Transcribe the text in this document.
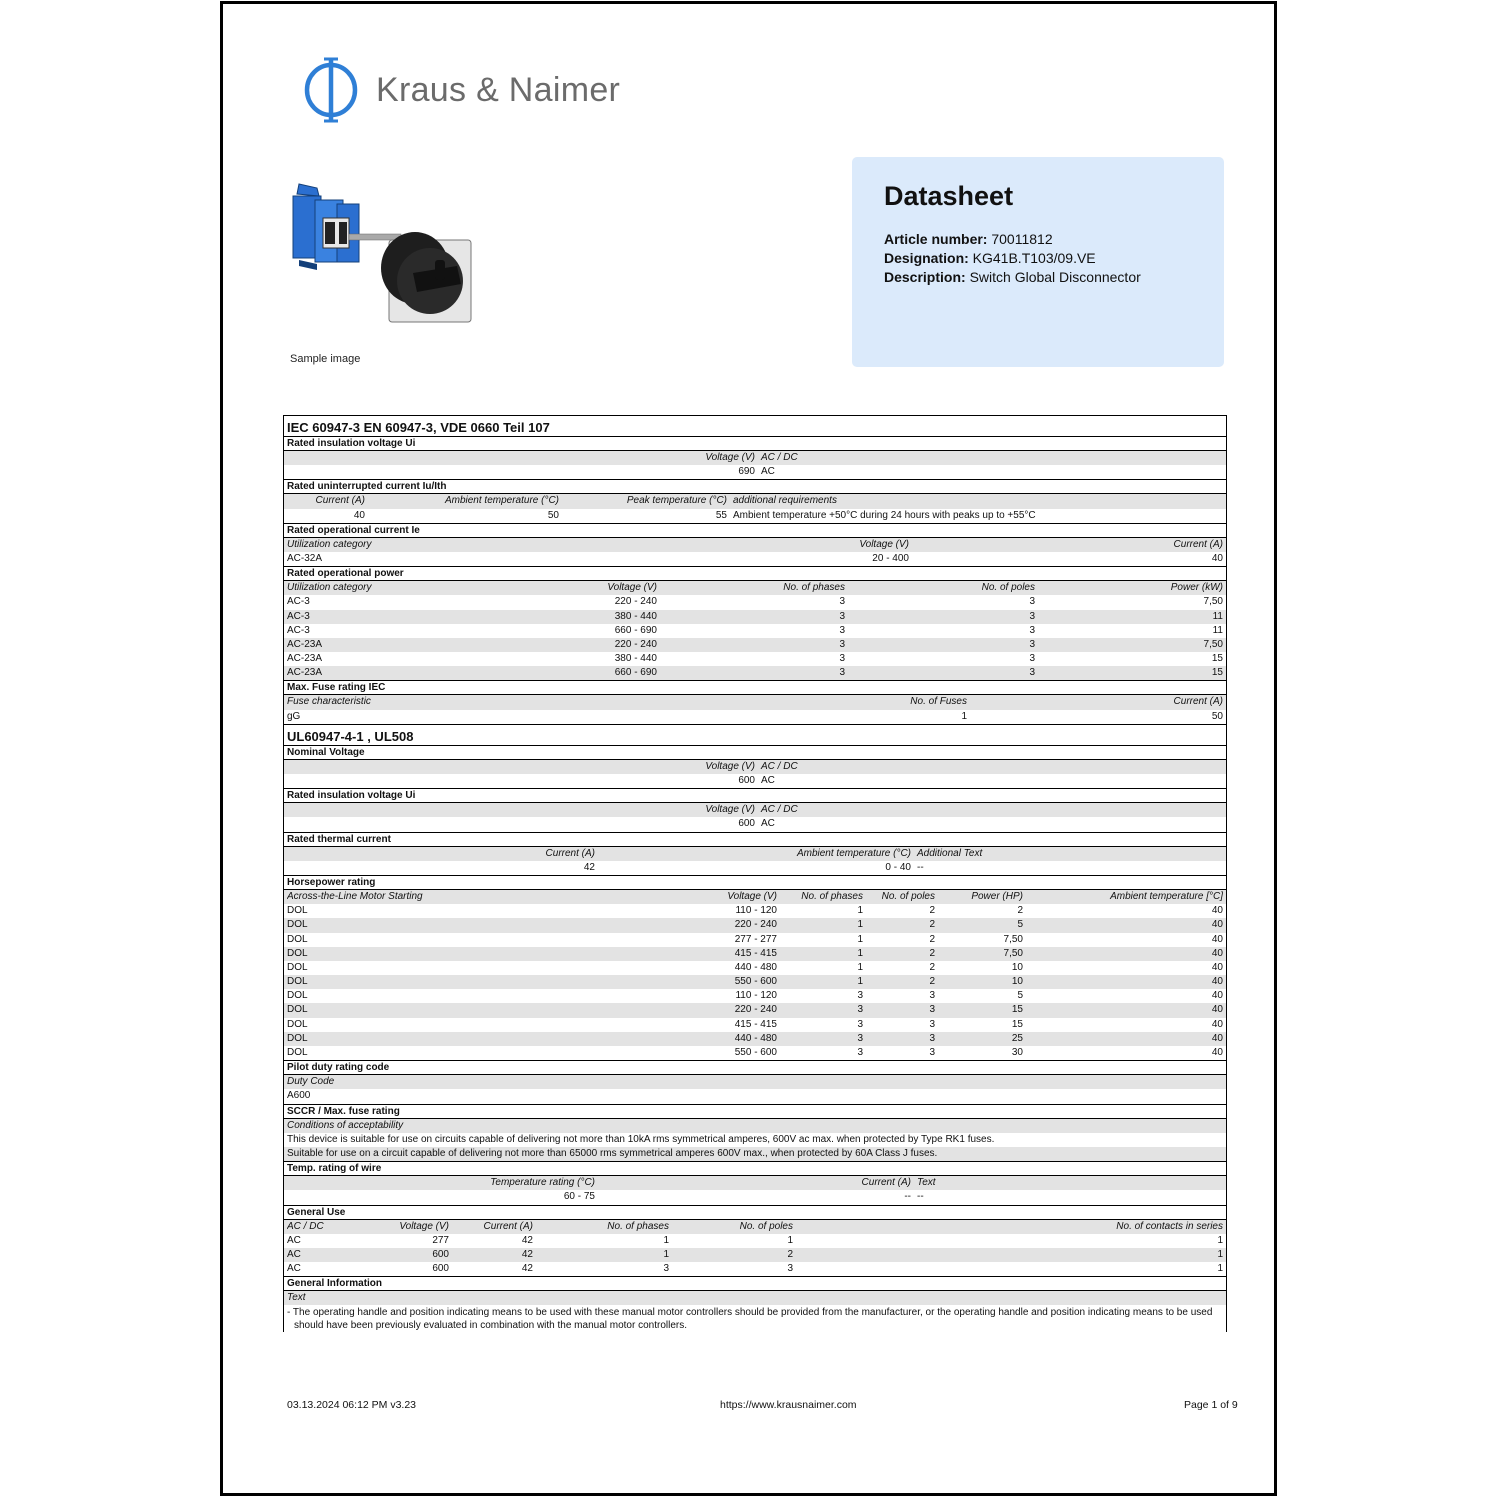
Kraus & Naimer
Sample image
Datasheet
Article number: 70011812
Designation: KG41B.T103/09.VE
Description: Switch Global Disconnector
IEC 60947-3 EN 60947-3, VDE 0660 Teil 107
Rated insulation voltage Ui
Voltage (V) AC / DC
690 AC
Rated uninterrupted current Iu/Ith
Current (A)	Ambient temperature (°C)	Peak temperature (°C) additional requirements
40	50	55 Ambient temperature +50°C during 24 hours with peaks up to +55°C
Rated operational current Ie
Utilization category	Voltage (V)	Current (A)
AC-32A	20 - 400	40
Rated operational power
Utilization category	Voltage (V)	No. of phases	No. of poles	Power (kW)
AC-3	220 - 240	3	3	7,50
AC-3	380 - 440	3	3	11
AC-3	660 - 690	3	3	11
AC-23A	220 - 240	3	3	7,50
AC-23A	380 - 440	3	3	15
AC-23A	660 - 690	3	3	15
Max. Fuse rating IEC
Fuse characteristic	No. of Fuses	Current (A)
gG	1	50
UL60947-4-1 , UL508
Nominal Voltage
Voltage (V) AC / DC
600 AC
Rated insulation voltage Ui
Voltage (V) AC / DC
600 AC
Rated thermal current
Current (A)	Ambient temperature (°C) Additional Text
42	0 - 40 --
Horsepower rating
Across-the-Line Motor Starting	Voltage (V)	No. of phases	No. of poles	Power (HP)	Ambient temperature [°C]
DOL	110 - 120	1	2	2	40
DOL	220 - 240	1	2	5	40
DOL	277 - 277	1	2	7,50	40
DOL	415 - 415	1	2	7,50	40
DOL	440 - 480	1	2	10	40
DOL	550 - 600	1	2	10	40
DOL	110 - 120	3	3	5	40
DOL	220 - 240	3	3	15	40
DOL	415 - 415	3	3	15	40
DOL	440 - 480	3	3	25	40
DOL	550 - 600	3	3	30	40
Pilot duty rating code
Duty Code
A600
SCCR / Max. fuse rating
Conditions of acceptability
This device is suitable for use on circuits capable of delivering not more than 10kA rms symmetrical amperes, 600V ac max. when protected by Type RK1 fuses.
Suitable for use on a circuit capable of delivering not more than 65000 rms symmetrical amperes 600V max., when protected by 60A Class J fuses.
Temp. rating of wire
Temperature rating (°C)	Current (A) Text
60 - 75	-- --
General Use
AC / DC	Voltage (V)	Current (A)	No. of phases	No. of poles	No. of contacts in series
AC	277	42	1	1	1
AC	600	42	1	2	1
AC	600	42	3	3	1
General Information
Text
- The operating handle and position indicating means to be used with these manual motor controllers should be provided from the manufacturer, or the operating handle and position indicating means to be used should have been previously evaluated in combination with the manual motor controllers.
03.13.2024 06:12 PM v3.23	https://www.krausnaimer.com	Page 1 of 9
